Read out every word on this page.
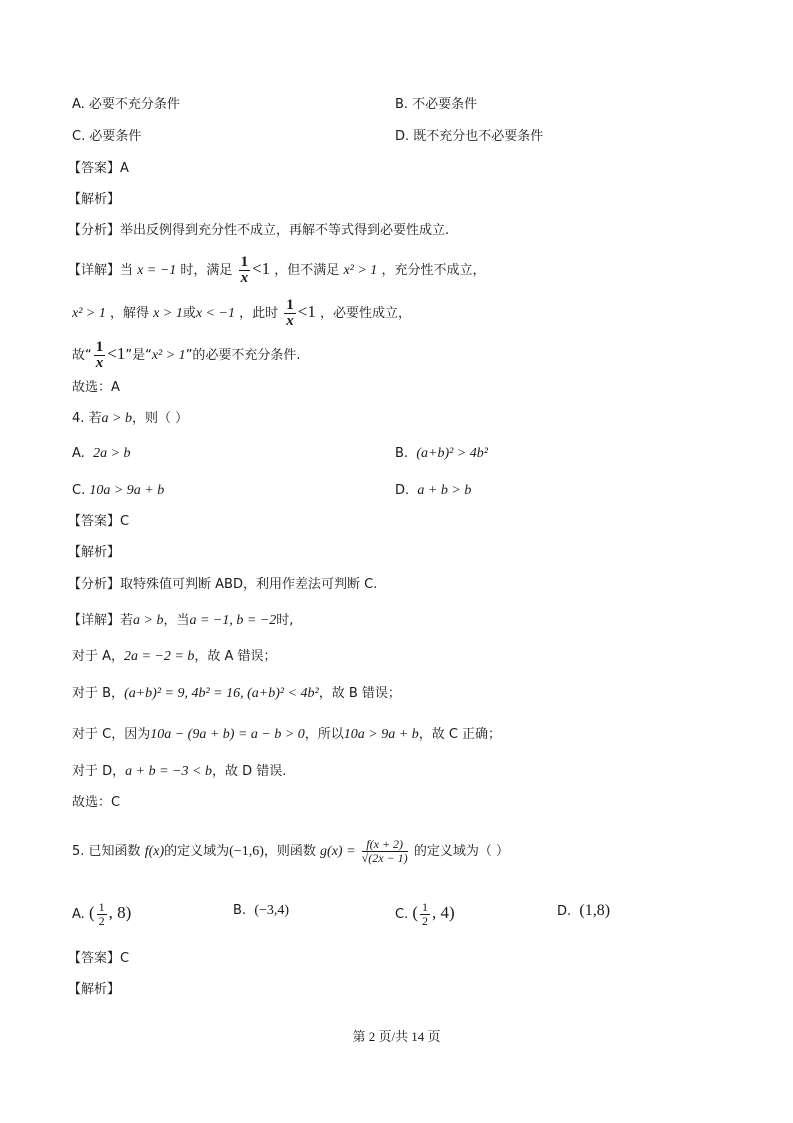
A. 必要不充分条件	B. 不必要条件
C. 必要条件	D. 既不充分也不必要条件
【答案】A
【解析】
【分析】举出反例得到充分性不成立，再解不等式得到必要性成立.
【详解】当 x = −1 时，满足 $\frac{1}{x} <1$ ，但不满足 x² > 1 ，充分性不成立，
x² > 1 ，解得 x > 1或x < −1 ，此时 $\frac{1}{x} <1$ ，必要性成立，
故“ $\frac{1}{x} <1$”是“x² > 1”的必要不充分条件.
故选：A
4. 若a > b，则（ ）
A. 2a > b	B. (a+b)² > 4b²
C. 10a > 9a + b	D. a + b > b
【答案】C
【解析】
【分析】取特殊值可判断 ABD，利用作差法可判断 C.
【详解】若a > b，当a = −1, b = −2时,
对于 A，2a = −2 = b，故 A 错误；
对于 B，(a+b)² = 9, 4b² = 16, (a+b)² < 4b²，故 B 错误；
对于 C，因为10a − (9a + b) = a − b > 0，所以10a > 9a + b，故 C 正确；
对于 D，a + b = −3 < b，故 D 错误.
故选：C
5. 已知函数 f(x)的定义域为(−1,6)，则函数 $g(x) = \frac{f(x + 2)}{√(2x - 1)}$ 的定义域为（ ）
A. ( $\frac{1}{2}$ , 8)	B. (−3,4)	C. ( $\frac{1}{2}$ , 4)	D. (1,8)
【答案】C
【解析】
第 2 页/共 14 页
